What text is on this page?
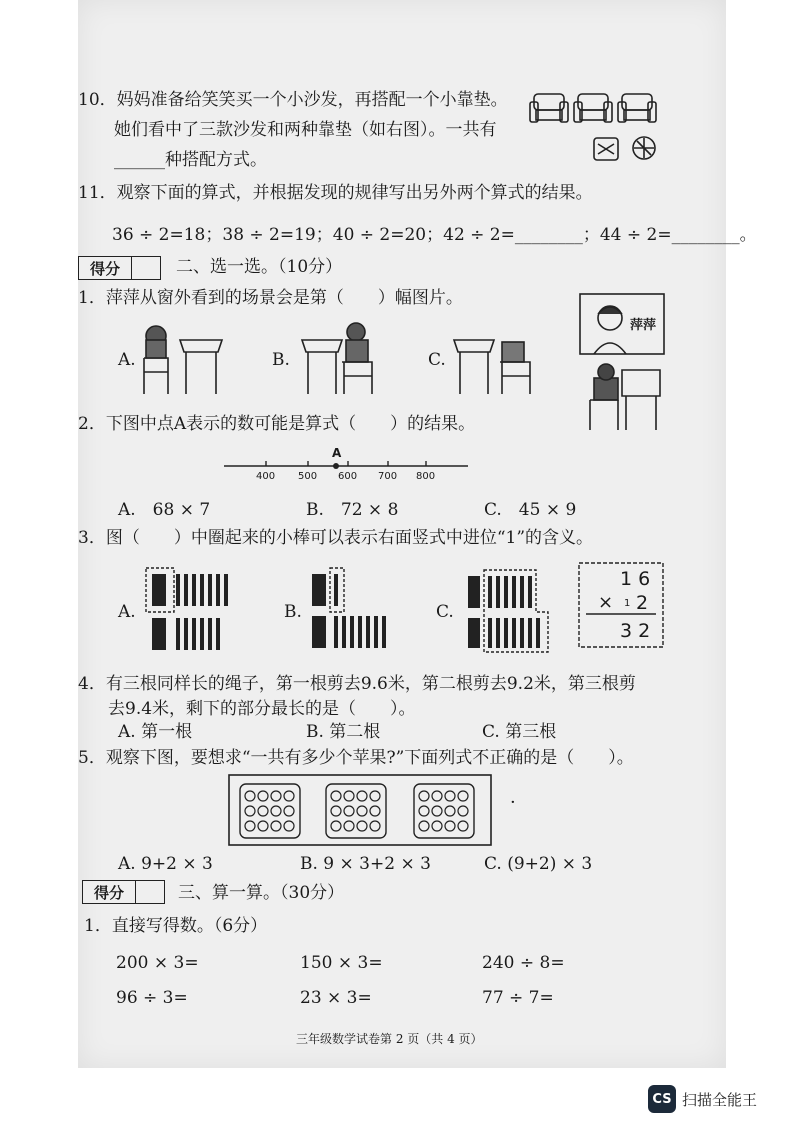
10．妈妈准备给笑笑买一个小沙发，再搭配一个小靠垫。
她们看中了三款沙发和两种靠垫（如右图）。一共有
______种搭配方式。
11．观察下面的算式，并根据发现的规律写出另外两个算式的结果。
36 ÷ 2=18；38 ÷ 2=19；40 ÷ 2=20；42 ÷ 2=________；44 ÷ 2=________。
得分	二、选一选。（10分）
1．萍萍从窗外看到的场景会是第（　　）幅图片。
A.	B.	C.
萍萍
2．下图中点A表示的数可能是算式（　　）的结果。
A
400 500 600 700 800
A.　68 × 7	B.　72 × 8	C.　45 × 9
3．图（　　）中圈起来的小棒可以表示右面竖式中进位“1”的含义。
A.	B.	C.
1 6
× 1 2
3 2
4．有三根同样长的绳子，第一根剪去9.6米，第二根剪去9.2米，第三根剪
去9.4米，剩下的部分最长的是（　　）。
A. 第一根	B. 第二根	C. 第三根
5．观察下图，要想求“一共有多少个苹果?”下面列式不正确的是（　　）。
·
A. 9+2 × 3	B. 9 × 3+2 × 3	C. (9+2) × 3
得分	三、算一算。（30分）
1．直接写得数。（6分）
200 × 3=	150 × 3=	240 ÷ 8=
96 ÷ 3=	23 × 3=	77 ÷ 7=
三年级数学试卷第 2 页（共 4 页）
CS 扫描全能王
